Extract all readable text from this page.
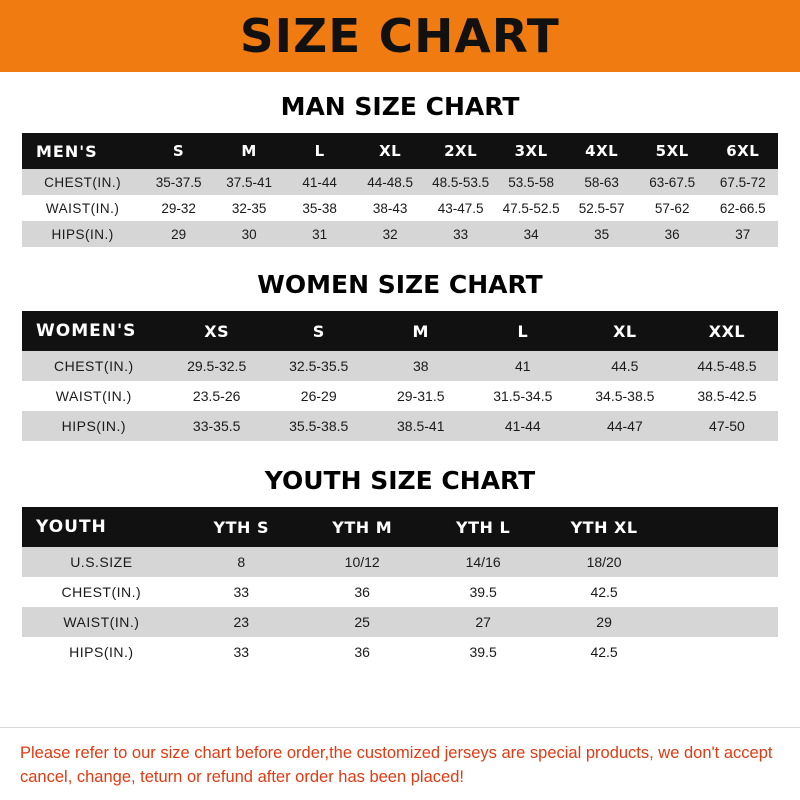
SIZE CHART
MAN SIZE CHART
MEN'S	S	M	L	XL	2XL	3XL	4XL	5XL	6XL
CHEST(IN.)	35-37.5	37.5-41	41-44	44-48.5	48.5-53.5	53.5-58	58-63	63-67.5	67.5-72
WAIST(IN.)	29-32	32-35	35-38	38-43	43-47.5	47.5-52.5	52.5-57	57-62	62-66.5
HIPS(IN.)	29	30	31	32	33	34	35	36	37
WOMEN SIZE CHART
WOMEN'S	XS	S	M	L	XL	XXL
CHEST(IN.)	29.5-32.5	32.5-35.5	38	41	44.5	44.5-48.5
WAIST(IN.)	23.5-26	26-29	29-31.5	31.5-34.5	34.5-38.5	38.5-42.5
HIPS(IN.)	33-35.5	35.5-38.5	38.5-41	41-44	44-47	47-50
YOUTH SIZE CHART
YOUTH	YTH S	YTH M	YTH L	YTH XL	
U.S.SIZE	8	10/12	14/16	18/20	
CHEST(IN.)	33	36	39.5	42.5	
WAIST(IN.)	23	25	27	29	
HIPS(IN.)	33	36	39.5	42.5	

Please refer to our size chart before order,the customized jerseys are special products, we don't accept cancel, change, teturn or refund after order has been placed!
